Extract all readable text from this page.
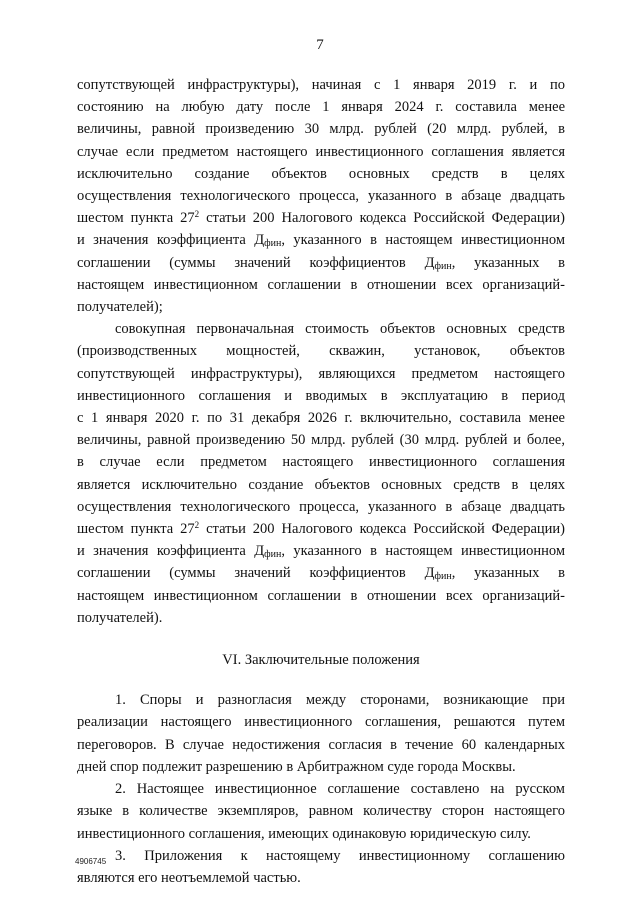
7
сопутствующей инфраструктуры), начиная с 1 января 2019 г. и по
состоянию на любую дату после 1 января 2024 г. составила менее
величины, равной произведению 30 млрд. рублей (20 млрд. рублей, в
случае если предметом настоящего инвестиционного соглашения является
исключительно создание объектов основных средств в целях
осуществления технологического процесса, указанного в абзаце двадцать
шестом пункта $27^2$ статьи 200 Налогового кодекса Российской Федерации)
и значения коэффициента $Д_{фин}$, указанного в настоящем инвестиционном
соглашении (суммы значений коэффициентов $Д_{фин}$, указанных в
настоящем инвестиционном соглашении в отношении всех организаций-
получателей);
совокупная первоначальная стоимость объектов основных средств
(производственных мощностей, скважин, установок, объектов
сопутствующей инфраструктуры), являющихся предметом настоящего
инвестиционного соглашения и вводимых в эксплуатацию в период
с 1 января 2020 г. по 31 декабря 2026 г. включительно, составила менее
величины, равной произведению 50 млрд. рублей (30 млрд. рублей и более,
в случае если предметом настоящего инвестиционного соглашения
является исключительно создание объектов основных средств в целях
осуществления технологического процесса, указанного в абзаце двадцать
шестом пункта $27^2$ статьи 200 Налогового кодекса Российской Федерации)
и значения коэффициента $Д_{фин}$, указанного в настоящем инвестиционном
соглашении (суммы значений коэффициентов $Д_{фин}$, указанных в
настоящем инвестиционном соглашении в отношении всех организаций-
получателей).
VI. Заключительные положения
1. Споры и разногласия между сторонами, возникающие при
реализации настоящего инвестиционного соглашения, решаются путем
переговоров. В случае недостижения согласия в течение 60 календарных
дней спор подлежит разрешению в Арбитражном суде города Москвы.
2. Настоящее инвестиционное соглашение составлено на русском
языке в количестве экземпляров, равном количеству сторон настоящего
инвестиционного соглашения, имеющих одинаковую юридическую силу.
3. Приложения к настоящему инвестиционному соглашению
являются его неотъемлемой частью.
4906745
